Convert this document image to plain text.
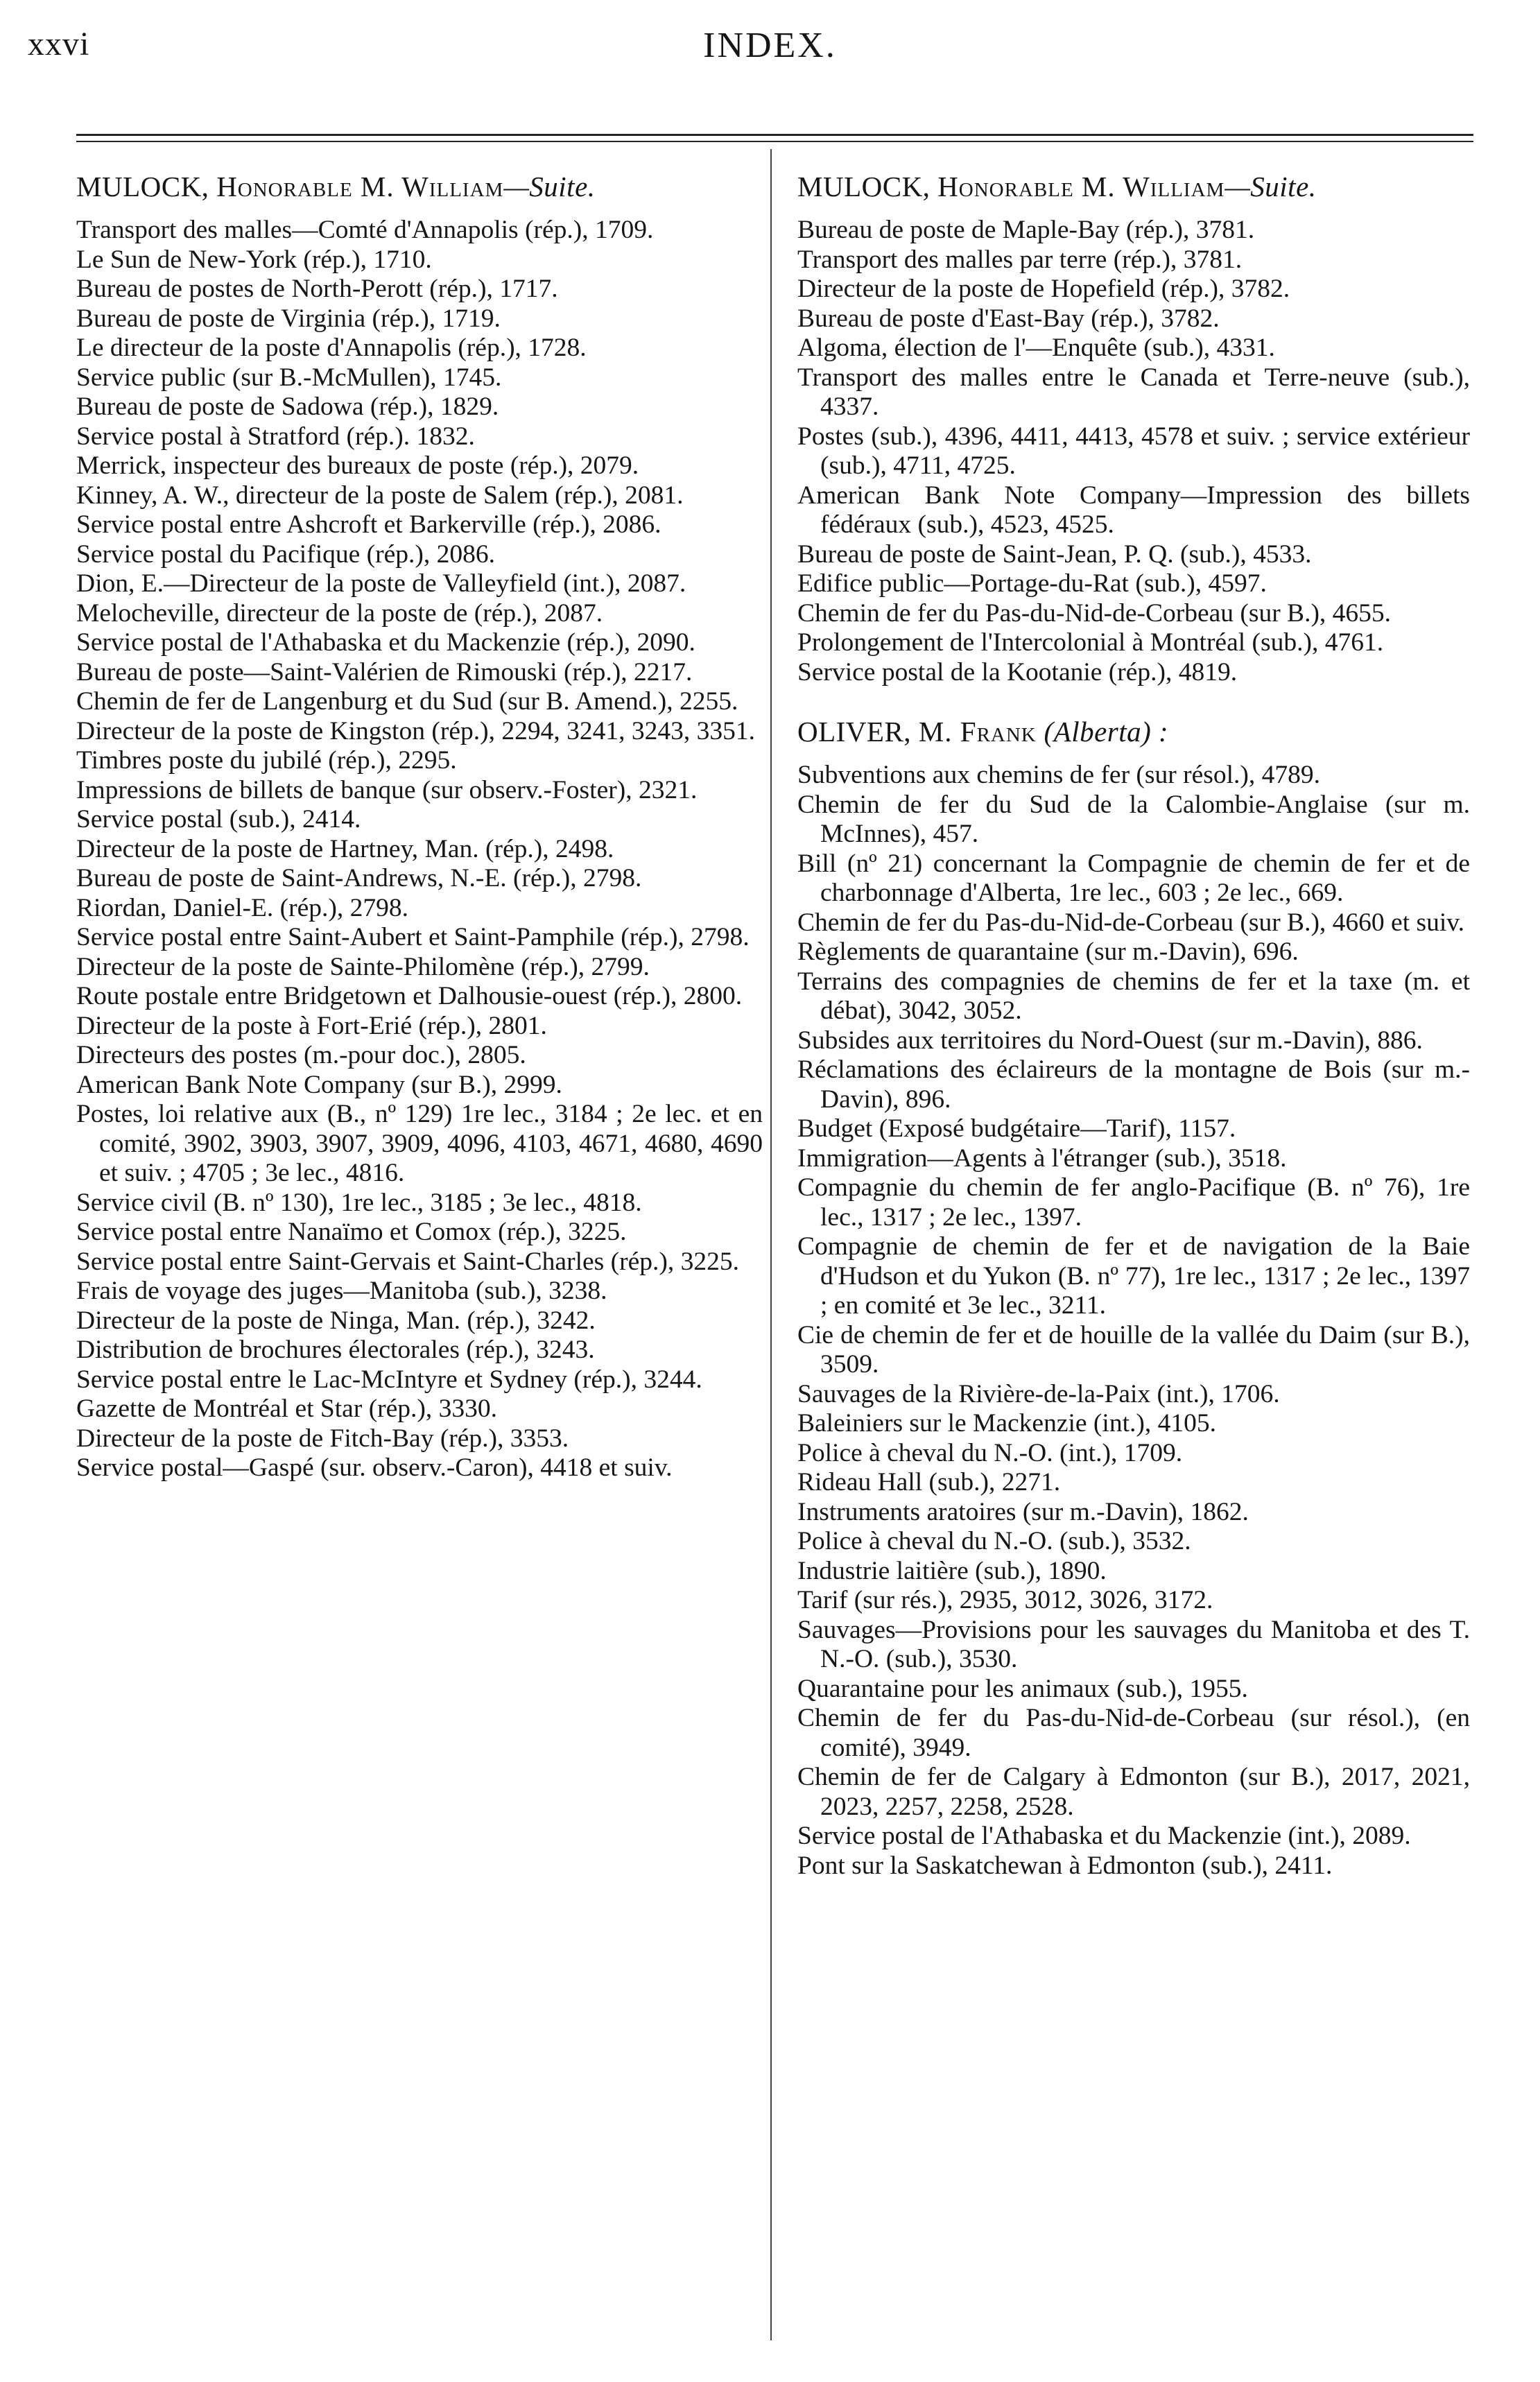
xxvi	INDEX.
MULOCK, Honorable M. William—Suite.
Transport des malles—Comté d'Annapolis (rép.), 1709.
Le Sun de New-York (rép.), 1710.
Bureau de postes de North-Perott (rép.), 1717.
Bureau de poste de Virginia (rép.), 1719.
Le directeur de la poste d'Annapolis (rép.), 1728.
Service public (sur B.-McMullen), 1745.
Bureau de poste de Sadowa (rép.), 1829.
Service postal à Stratford (rép.). 1832.
Merrick, inspecteur des bureaux de poste (rép.), 2079.
Kinney, A. W., directeur de la poste de Salem (rép.), 2081.
Service postal entre Ashcroft et Barkerville (rép.), 2086.
Service postal du Pacifique (rép.), 2086.
Dion, E.—Directeur de la poste de Valleyfield (int.), 2087.
Melocheville, directeur de la poste de (rép.), 2087.
Service postal de l'Athabaska et du Mackenzie (rép.), 2090.
Bureau de poste—Saint-Valérien de Rimouski (rép.), 2217.
Chemin de fer de Langenburg et du Sud (sur B. Amend.), 2255.
Directeur de la poste de Kingston (rép.), 2294, 3241, 3243, 3351.
Timbres poste du jubilé (rép.), 2295.
Impressions de billets de banque (sur observ.-Foster), 2321.
Service postal (sub.), 2414.
Directeur de la poste de Hartney, Man. (rép.), 2498.
Bureau de poste de Saint-Andrews, N.-E. (rép.), 2798.
Riordan, Daniel-E. (rép.), 2798.
Service postal entre Saint-Aubert et Saint-Pamphile (rép.), 2798.
Directeur de la poste de Sainte-Philomène (rép.), 2799.
Route postale entre Bridgetown et Dalhousie-ouest (rép.), 2800.
Directeur de la poste à Fort-Erié (rép.), 2801.
Directeurs des postes (m.-pour doc.), 2805.
American Bank Note Company (sur B.), 2999.
Postes, loi relative aux (B., nº 129) 1re lec., 3184 ; 2e lec. et en comité, 3902, 3903, 3907, 3909, 4096, 4103, 4671, 4680, 4690 et suiv. ; 4705 ; 3e lec., 4816.
Service civil (B. nº 130), 1re lec., 3185 ; 3e lec., 4818.
Service postal entre Nanaïmo et Comox (rép.), 3225.
Service postal entre Saint-Gervais et Saint-Charles (rép.), 3225.
Frais de voyage des juges—Manitoba (sub.), 3238.
Directeur de la poste de Ninga, Man. (rép.), 3242.
Distribution de brochures électorales (rép.), 3243.
Service postal entre le Lac-McIntyre et Sydney (rép.), 3244.
Gazette de Montréal et Star (rép.), 3330.
Directeur de la poste de Fitch-Bay (rép.), 3353.
Service postal—Gaspé (sur. observ.-Caron), 4418 et suiv.
MULOCK, Honorable M. William—Suite.
Bureau de poste de Maple-Bay (rép.), 3781.
Transport des malles par terre (rép.), 3781.
Directeur de la poste de Hopefield (rép.), 3782.
Bureau de poste d'East-Bay (rép.), 3782.
Algoma, élection de l'—Enquête (sub.), 4331.
Transport des malles entre le Canada et Terre-neuve (sub.), 4337.
Postes (sub.), 4396, 4411, 4413, 4578 et suiv. ; service extérieur (sub.), 4711, 4725.
American Bank Note Company—Impression des billets fédéraux (sub.), 4523, 4525.
Bureau de poste de Saint-Jean, P. Q. (sub.), 4533.
Edifice public—Portage-du-Rat (sub.), 4597.
Chemin de fer du Pas-du-Nid-de-Corbeau (sur B.), 4655.
Prolongement de l'Intercolonial à Montréal (sub.), 4761.
Service postal de la Kootanie (rép.), 4819.
OLIVER, M. Frank (Alberta) :
Subventions aux chemins de fer (sur résol.), 4789.
Chemin de fer du Sud de la Calombie-Anglaise (sur m. McInnes), 457.
Bill (nº 21) concernant la Compagnie de chemin de fer et de charbonnage d'Alberta, 1re lec., 603 ; 2e lec., 669.
Chemin de fer du Pas-du-Nid-de-Corbeau (sur B.), 4660 et suiv.
Règlements de quarantaine (sur m.-Davin), 696.
Terrains des compagnies de chemins de fer et la taxe (m. et débat), 3042, 3052.
Subsides aux territoires du Nord-Ouest (sur m.-Davin), 886.
Réclamations des éclaireurs de la montagne de Bois (sur m.-Davin), 896.
Budget (Exposé budgétaire—Tarif), 1157.
Immigration—Agents à l'étranger (sub.), 3518.
Compagnie du chemin de fer anglo-Pacifique (B. nº 76), 1re lec., 1317 ; 2e lec., 1397.
Compagnie de chemin de fer et de navigation de la Baie d'Hudson et du Yukon (B. nº 77), 1re lec., 1317 ; 2e lec., 1397 ; en comité et 3e lec., 3211.
Cie de chemin de fer et de houille de la vallée du Daim (sur B.), 3509.
Sauvages de la Rivière-de-la-Paix (int.), 1706.
Baleiniers sur le Mackenzie (int.), 4105.
Police à cheval du N.-O. (int.), 1709.
Rideau Hall (sub.), 2271.
Instruments aratoires (sur m.-Davin), 1862.
Police à cheval du N.-O. (sub.), 3532.
Industrie laitière (sub.), 1890.
Tarif (sur rés.), 2935, 3012, 3026, 3172.
Sauvages—Provisions pour les sauvages du Manitoba et des T. N.-O. (sub.), 3530.
Quarantaine pour les animaux (sub.), 1955.
Chemin de fer du Pas-du-Nid-de-Corbeau (sur résol.), (en comité), 3949.
Chemin de fer de Calgary à Edmonton (sur B.), 2017, 2021, 2023, 2257, 2258, 2528.
Service postal de l'Athabaska et du Mackenzie (int.), 2089.
Pont sur la Saskatchewan à Edmonton (sub.), 2411.
